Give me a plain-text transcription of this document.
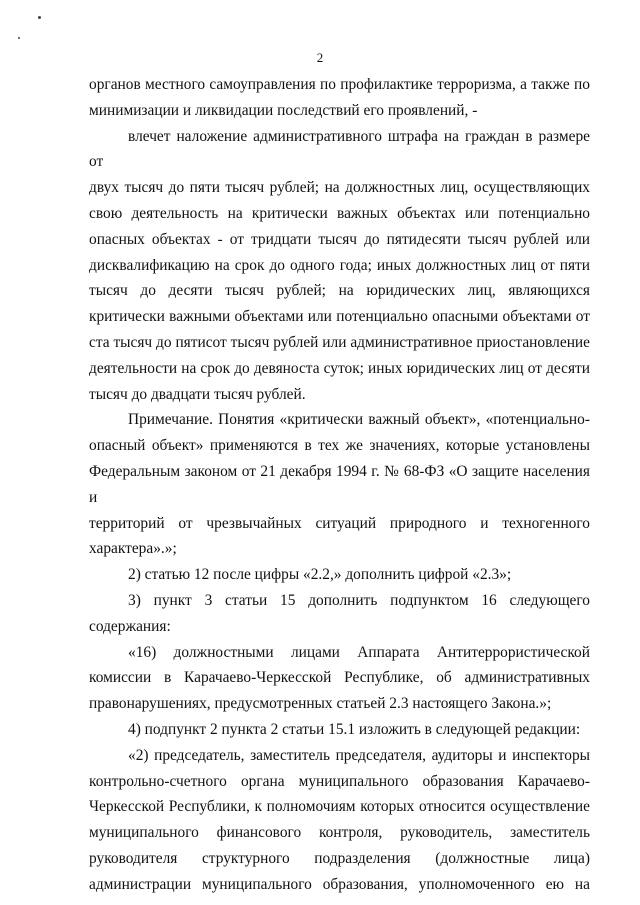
2
органов местного самоуправления по профилактике терроризма, а также по
минимизации и ликвидации последствий его проявлений, -
влечет наложение административного штрафа на граждан в размере от
двух тысяч до пяти тысяч рублей; на должностных лиц, осуществляющих
свою деятельность на критически важных объектах или потенциально
опасных объектах - от тридцати тысяч до пятидесяти тысяч рублей или
дисквалификацию на срок до одного года; иных должностных лиц от пяти
тысяч до десяти тысяч рублей; на юридических лиц, являющихся
критически важными объектами или потенциально опасными объектами от
ста тысяч до пятисот тысяч рублей или административное приостановление
деятельности на срок до девяноста суток; иных юридических лиц от десяти
тысяч до двадцати тысяч рублей.
Примечание. Понятия «критически важный объект», «потенциально-
опасный объект» применяются в тех же значениях, которые установлены
Федеральным законом от 21 декабря 1994 г. № 68-ФЗ «О защите населения и
территорий от чрезвычайных ситуаций природного и техногенного
характера».»;
2) статью 12 после цифры «2.2,» дополнить цифрой «2.3»;
3) пункт 3 статьи 15 дополнить подпунктом 16 следующего
содержания:
«16) должностными лицами Аппарата Антитеррористической
комиссии в Карачаево-Черкесской Республике, об административных
правонарушениях, предусмотренных статьей 2.3 настоящего Закона.»;
4) подпункт 2 пункта 2 статьи 15.1 изложить в следующей редакции:
«2) председатель, заместитель председателя, аудиторы и инспекторы
контрольно-счетного органа муниципального образования Карачаево-
Черкесской Республики, к полномочиям которых относится осуществление
муниципального финансового контроля, руководитель, заместитель
руководителя структурного подразделения (должностные лица)
администрации муниципального образования, уполномоченного ею на
